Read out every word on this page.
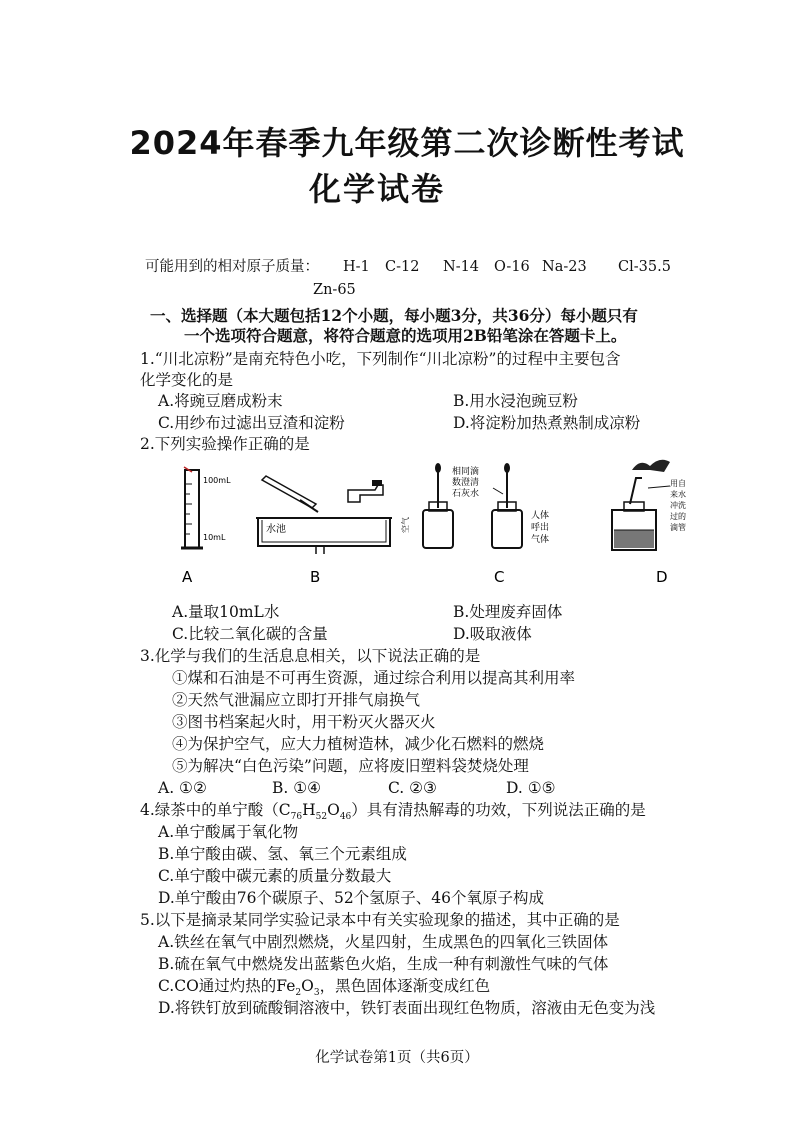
2024年春季九年级第二次诊断性考试
化学试卷
可能用到的相对原子质量： H-1 C-12 N-14 O-16 Na-23 Cl-35.5
Zn-65
一、选择题（本大题包括12个小题，每小题3分，共36分）每小题只有
一个选项符合题意，将符合题意的选项用2B铅笔涂在答题卡上。
1.“川北凉粉”是南充特色小吃，下列制作“川北凉粉”的过程中主要包含
化学变化的是
A.将豌豆磨成粉末	B.用水浸泡豌豆粉
C.用纱布过滤出豆渣和淀粉	D.将淀粉加热煮熟制成凉粉
2.下列实验操作正确的是
100mL
10mL
水池	空气
相同滴
数澄清
石灰水
人体
呼出
气体
用自
来水
冲洗
过的
滴管
A	B	C	D
A.量取10mL水	B.处理废弃固体
C.比较二氧化碳的含量	D.吸取液体
3.化学与我们的生活息息相关，以下说法正确的是
①煤和石油是不可再生资源，通过综合利用以提高其利用率
②天然气泄漏应立即打开排气扇换气
③图书档案起火时，用干粉灭火器灭火
④为保护空气，应大力植树造林，减少化石燃料的燃烧
⑤为解决“白色污染”问题，应将废旧塑料袋焚烧处理
A. ①②	B. ①④	C. ②③	D. ①⑤
4.绿茶中的单宁酸$(C_{76}H_{52}O_{46})$具有清热解毒的功效，下列说法正确的是
A.单宁酸属于氧化物
B.单宁酸由碳、氢、氧三个元素组成
C.单宁酸中碳元素的质量分数最大
D.单宁酸由76个碳原子、52个氢原子、46个氧原子构成
5.以下是摘录某同学实验记录本中有关实验现象的描述，其中正确的是
A.铁丝在氧气中剧烈燃烧，火星四射，生成黑色的四氧化三铁固体
B.硫在氧气中燃烧发出蓝紫色火焰，生成一种有刺激性气味的气体
C.CO通过灼热的$Fe_2O_3$，黑色固体逐渐变成红色
D.将铁钉放到硫酸铜溶液中，铁钉表面出现红色物质，溶液由无色变为浅
化学试卷第1页（共6页）
